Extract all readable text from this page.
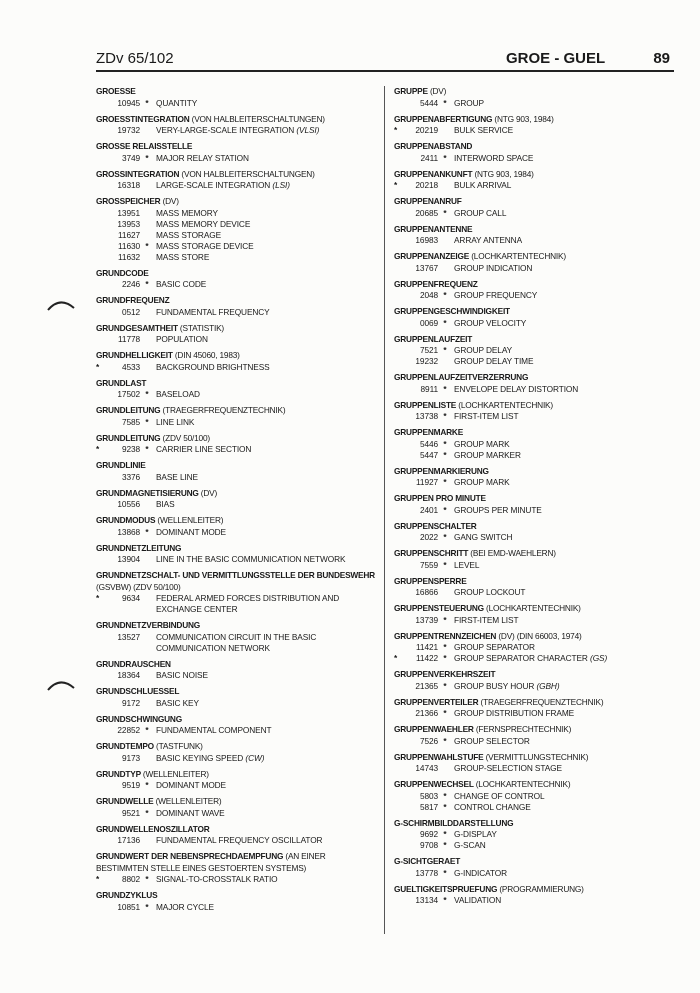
ZDv 65/102	GROE - GUEL	89
GROESSE
10945 * QUANTITY
GROESSTINTEGRATION (VON HALBLEITERSCHALTUNGEN)
19732 VERY-LARGE-SCALE INTEGRATION (VLSI)
GROSSE RELAISSTELLE
3749 * MAJOR RELAY STATION
GROSSINTEGRATION (VON HALBLEITERSCHALTUNGEN)
16318 LARGE-SCALE INTEGRATION (LSI)
GROSSPEICHER (DV)
13951 MASS MEMORY
13953 MASS MEMORY DEVICE
11627 MASS STORAGE
11630 * MASS STORAGE DEVICE
11632 MASS STORE
GRUNDCODE
2246 * BASIC CODE
GRUNDFREQUENZ
0512 FUNDAMENTAL FREQUENCY
GRUNDGESAMTHEIT (STATISTIK)
11778 POPULATION
GRUNDHELLIGKEIT (DIN 45060, 1983)
*	4533 BACKGROUND BRIGHTNESS
GRUNDLAST
17502 * BASELOAD
GRUNDLEITUNG (TRAEGERFREQUENZTECHNIK)
7585 * LINE LINK
GRUNDLEITUNG (ZDV 50/100)
*	9238 * CARRIER LINE SECTION
GRUNDLINIE
3376 BASE LINE
GRUNDMAGNETISIERUNG (DV)
10556 BIAS
GRUNDMODUS (WELLENLEITER)
13868 * DOMINANT MODE
GRUNDNETZLEITUNG
13904 LINE IN THE BASIC COMMUNICATION NETWORK
GRUNDNETZSCHALT- UND VERMITTLUNGSSTELLE DER BUNDESWEHR (GSVBW) (ZDV 50/100)
*	9634 FEDERAL ARMED FORCES DISTRIBUTION AND EXCHANGE CENTER
GRUNDNETZVERBINDUNG
13527 COMMUNICATION CIRCUIT IN THE BASIC COMMUNICATION NETWORK
GRUNDRAUSCHEN
18364 BASIC NOISE
GRUNDSCHLUESSEL
9172 BASIC KEY
GRUNDSCHWINGUNG
22852 * FUNDAMENTAL COMPONENT
GRUNDTEMPO (TASTFUNK)
9173 BASIC KEYING SPEED (CW)
GRUNDTYP (WELLENLEITER)
9519 * DOMINANT MODE
GRUNDWELLE (WELLENLEITER)
9521 * DOMINANT WAVE
GRUNDWELLENOSZILLATOR
17136 FUNDAMENTAL FREQUENCY OSCILLATOR
GRUNDWERT DER NEBENSPRECHDAEMPFUNG (AN EINER BESTIMMTEN STELLE EINES GESTOERTEN SYSTEMS)
*	8802 * SIGNAL-TO-CROSSTALK RATIO
GRUNDZYKLUS
10851 * MAJOR CYCLE
GRUPPE (DV)
5444 * GROUP
GRUPPENABFERTIGUNG (NTG 903, 1984)
*	20219 BULK SERVICE
GRUPPENABSTAND
2411 * INTERWORD SPACE
GRUPPENANKUNFT (NTG 903, 1984)
*	20218 BULK ARRIVAL
GRUPPENANRUF
20685 * GROUP CALL
GRUPPENANTENNE
16983 ARRAY ANTENNA
GRUPPENANZEIGE (LOCHKARTENTECHNIK)
13767 GROUP INDICATION
GRUPPENFREQUENZ
2048 * GROUP FREQUENCY
GRUPPENGESCHWINDIGKEIT
0069 * GROUP VELOCITY
GRUPPENLAUFZEIT
7521 * GROUP DELAY
19232 GROUP DELAY TIME
GRUPPENLAUFZEITVERZERRUNG
8911 * ENVELOPE DELAY DISTORTION
GRUPPENLISTE (LOCHKARTENTECHNIK)
13738 * FIRST-ITEM LIST
GRUPPENMARKE
5446 * GROUP MARK
5447 * GROUP MARKER
GRUPPENMARKIERUNG
11927 * GROUP MARK
GRUPPEN PRO MINUTE
2401 * GROUPS PER MINUTE
GRUPPENSCHALTER
2022 * GANG SWITCH
GRUPPENSCHRITT (BEI EMD-WAEHLERN)
7559 * LEVEL
GRUPPENSPERRE
16866 GROUP LOCKOUT
GRUPPENSTEUERUNG (LOCHKARTENTECHNIK)
13739 * FIRST-ITEM LIST
GRUPPENTRENNZEICHEN (DV) (DIN 66003, 1974)
11421 * GROUP SEPARATOR
*	11422 * GROUP SEPARATOR CHARACTER (GS)
GRUPPENVERKEHRSZEIT
21365 * GROUP BUSY HOUR (GBH)
GRUPPENVERTEILER (TRAEGERFREQUENZTECHNIK)
21366 * GROUP DISTRIBUTION FRAME
GRUPPENWAEHLER (FERNSPRECHTECHNIK)
7526 * GROUP SELECTOR
GRUPPENWAHLSTUFE (VERMITTLUNGSTECHNIK)
14743 GROUP-SELECTION STAGE
GRUPPENWECHSEL (LOCHKARTENTECHNIK)
5803 * CHANGE OF CONTROL
5817 * CONTROL CHANGE
G-SCHIRMBILDDARSTELLUNG
9692 * G-DISPLAY
9708 * G-SCAN
G-SICHTGERAET
13778 * G-INDICATOR
GUELTIGKEITSPRUEFUNG (PROGRAMMIERUNG)
13134 * VALIDATION
